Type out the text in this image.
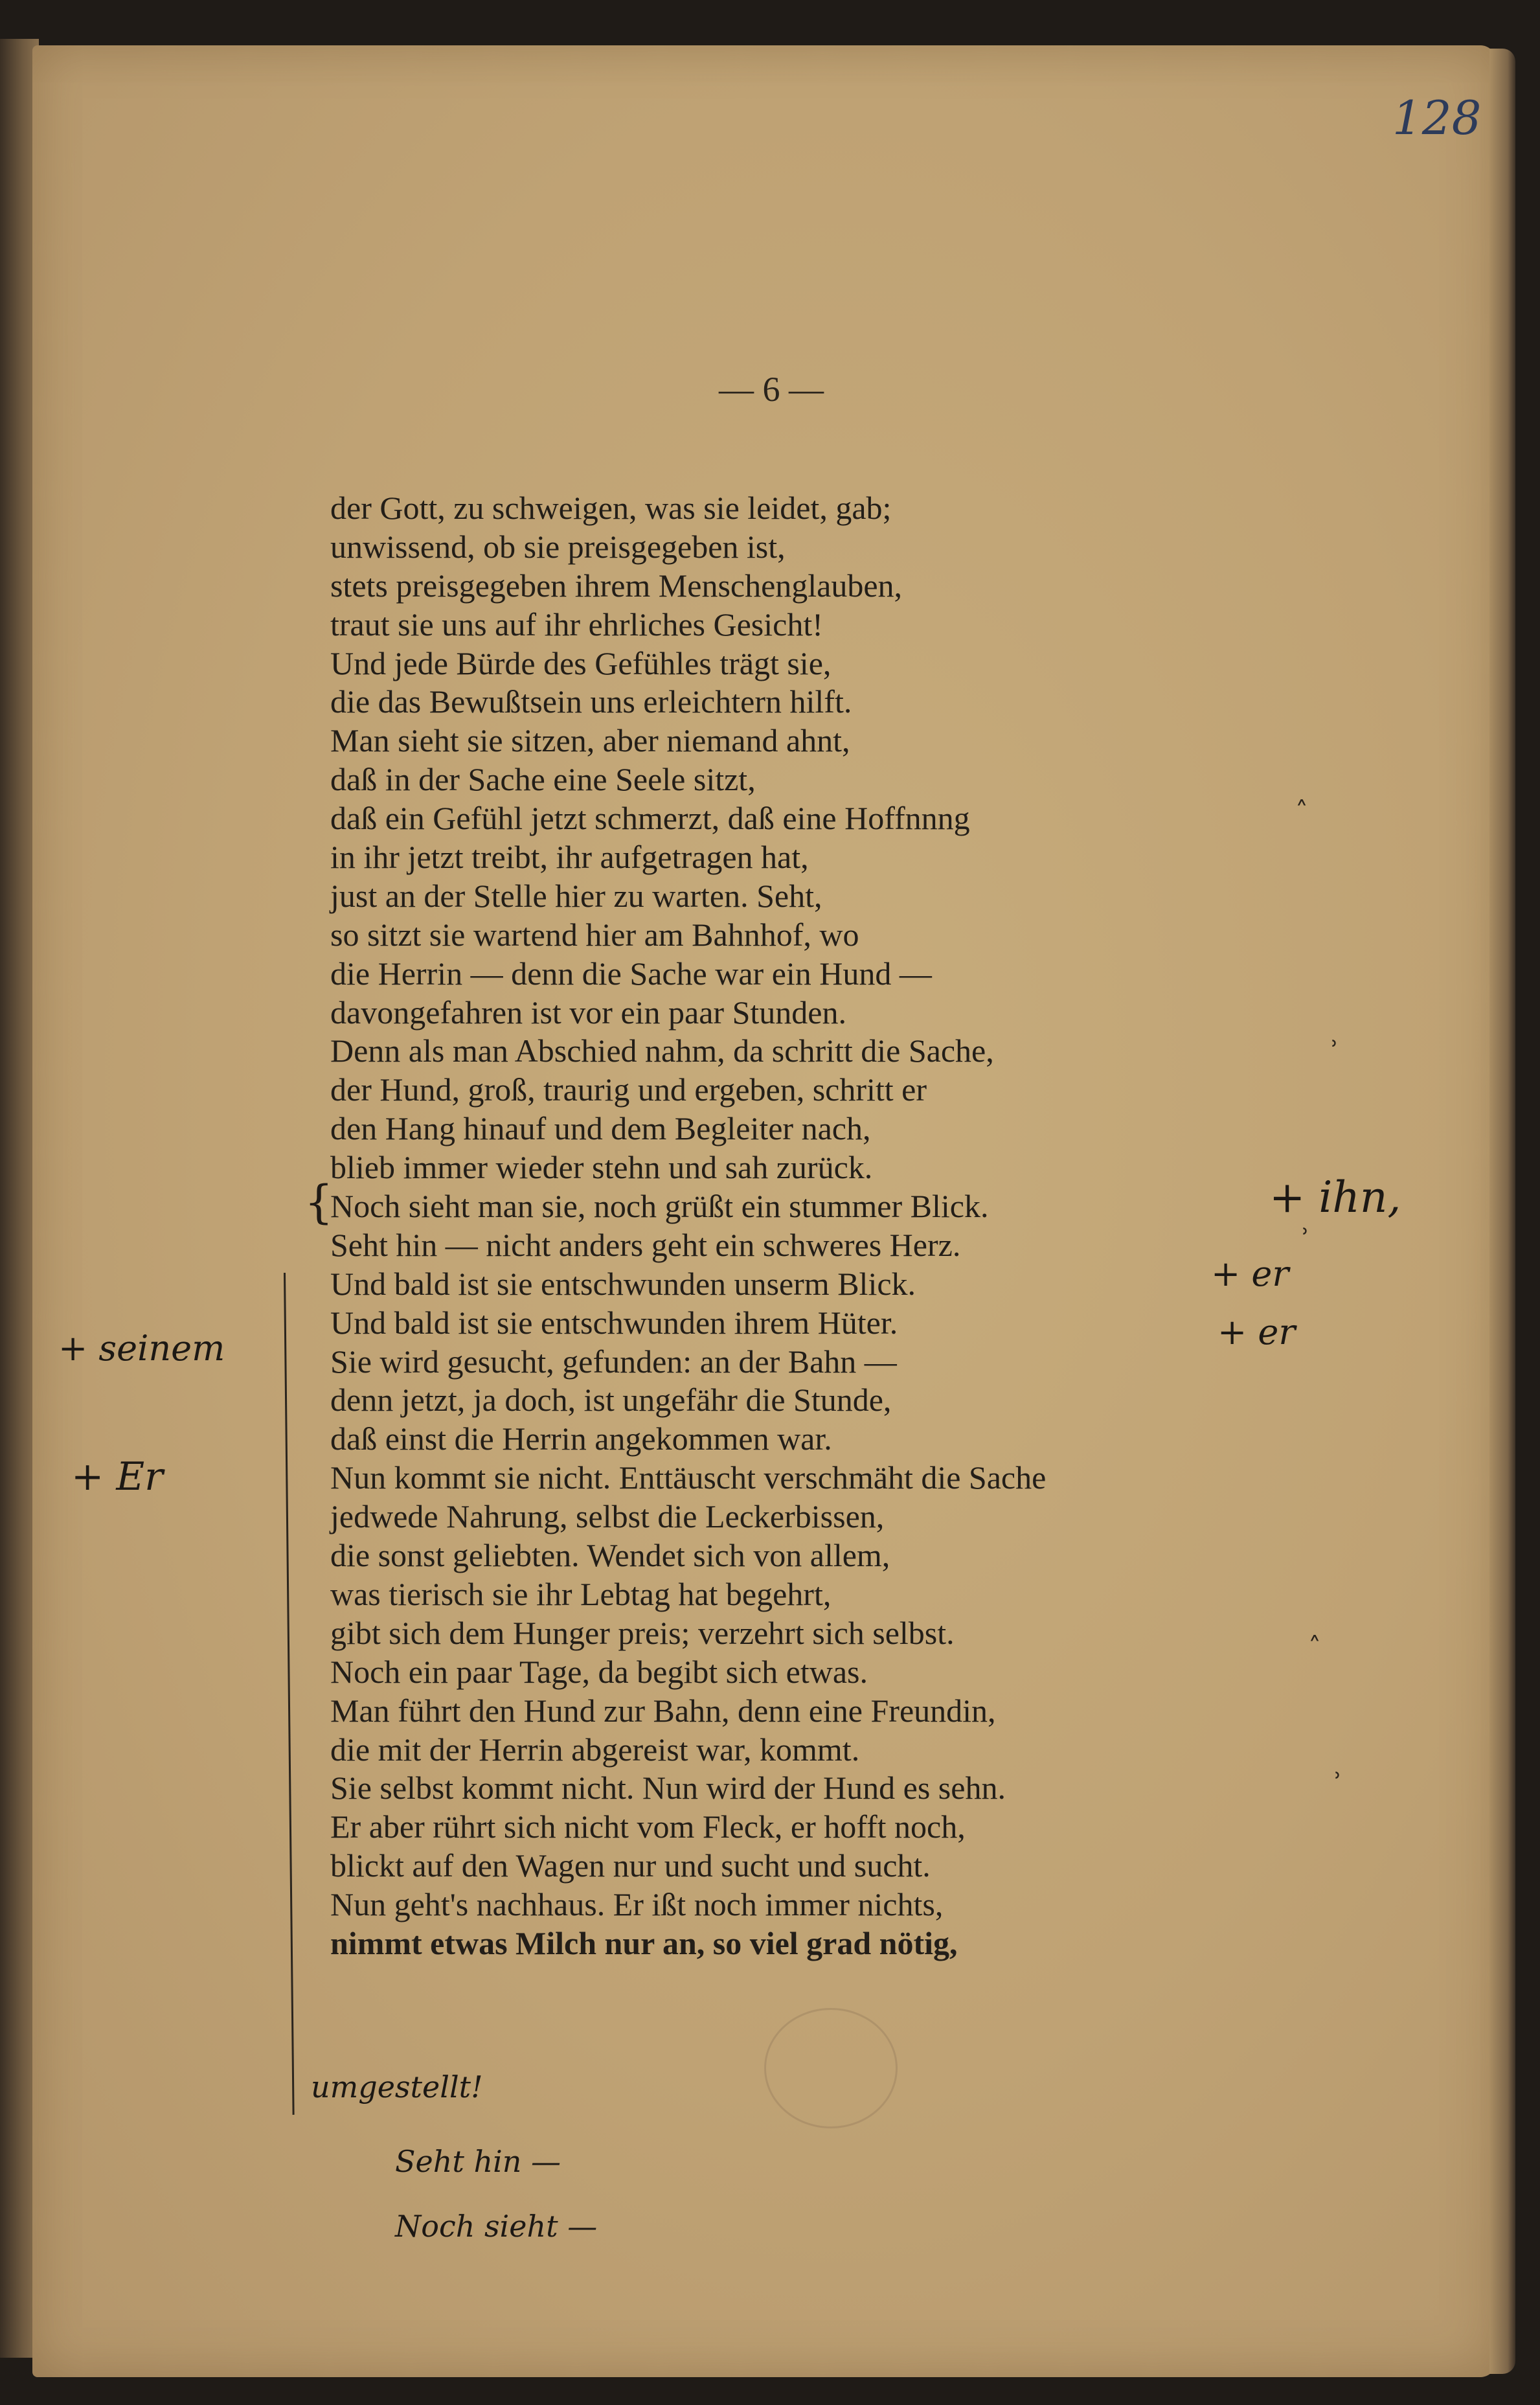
128
— 6 —
der Gott, zu schweigen, was sie leidet, gab;
unwissend, ob sie preisgegeben ist,
stets preisgegeben ihrem Menschenglauben,
traut sie uns auf ihr ehrliches Gesicht!
Und jede Bürde des Gefühles trägt sie,
die das Bewußtsein uns erleichtern hilft.
Man sieht sie sitzen, aber niemand ahnt,
daß in der Sache eine Seele sitzt,
daß ein Gefühl jetzt schmerzt, daß eine Hoffnnng
in ihr jetzt treibt, ihr aufgetragen hat,
just an der Stelle hier zu warten. Seht,
so sitzt sie wartend hier am Bahnhof, wo
die Herrin — denn die Sache war ein Hund —
davongefahren ist vor ein paar Stunden.
Denn als man Abschied nahm, da schritt die Sache,
der Hund, groß, traurig und ergeben, schritt er
den Hang hinauf und dem Begleiter nach,
blieb immer wieder stehn und sah zurück.
Noch sieht man sie, noch grüßt ein stummer Blick.
Seht hin — nicht anders geht ein schweres Herz.
Und bald ist sie entschwunden unserm Blick.
Und bald ist sie entschwunden ihrem Hüter.
Sie wird gesucht, gefunden: an der Bahn —
denn jetzt, ja doch, ist ungefähr die Stunde,
daß einst die Herrin angekommen war.
Nun kommt sie nicht. Enttäuscht verschmäht die Sache
jedwede Nahrung, selbst die Leckerbissen,
die sonst geliebten. Wendet sich von allem,
was tierisch sie ihr Lebtag hat begehrt,
gibt sich dem Hunger preis; verzehrt sich selbst.
Noch ein paar Tage, da begibt sich etwas.
Man führt den Hund zur Bahn, denn eine Freundin,
die mit der Herrin abgereist war, kommt.
Sie selbst kommt nicht. Nun wird der Hund es sehn.
Er aber rührt sich nicht vom Fleck, er hofft noch,
blickt auf den Wagen nur und sucht und sucht.
Nun geht's nachhaus. Er ißt noch immer nichts,
nimmt etwas Milch nur an, so viel grad nötig,
{	+ ihn,
+ er
+ er
˄
˒
˒
˄
˒
+ seinem
+ Er
umgestellt!
Seht hin —
Noch sieht —
